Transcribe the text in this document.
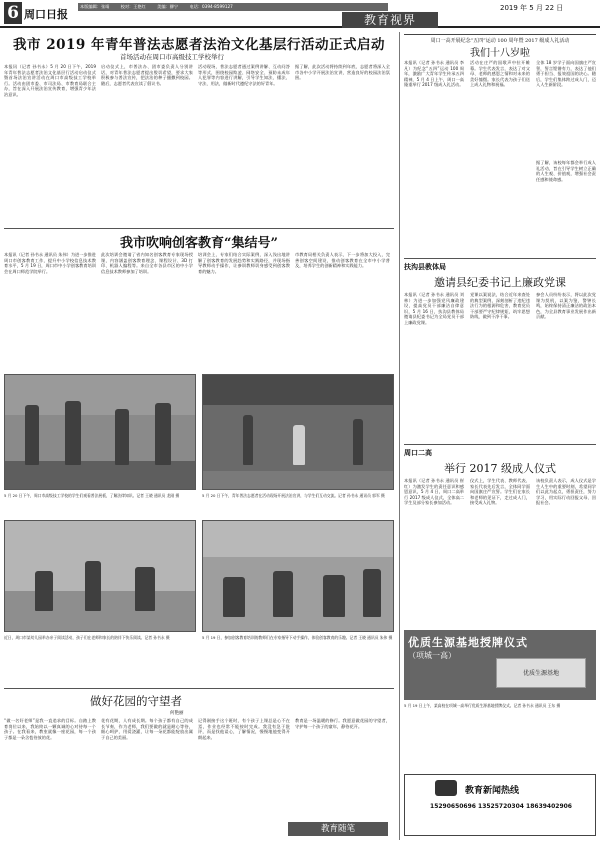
6 周口日报
本版编辑：张靖	校对：王艳红	美编：柳宁	电话：0394-8599127
教育视界
2019 年 5 月 22 日
我市 2019 年青年普法志愿者法治文化基层行活动正式启动
首场活动在周口市高级技工学校举行
本报讯（记者 孙书永）5 月 20 日下午，2019 年青年普法志愿者法治文化基层行活动启动仪式暨首场法治宣讲活动在周口市高级技工学校举行。活动由团市委、市司法局、市教育局联合主办，旨在深入开展法治宣传教育，增强青少年法治意识。
启动仪式上，市普法办、团市委负责人分别讲话，对青年普法志愿者提出殷切希望，要求大家积极参与普法宣传，把法治的种子播撒到校园。随后，志愿者代表宣读了倡议书。
活动现场，普法志愿者通过案例讲解、互动问答等形式，围绕校园欺凌、网络安全、预防未成年人犯罪等内容进行讲解，引导学生知法、懂法、守法、用法，做新时代遵纪守法的好青年。
据了解，此次活动将持续到年底，志愿者将深入全市各中小学开展法治宣讲，营造良好的校园法治氛围。
我市吹响创客教育“集结号”
本报讯（记者 孙书永 通讯员 朱伟）为进一步推进周口市创客教育工作，提升中小学校信息技术教育水平，5 月 19 日，周口市中小学创客教育培训会在周口师范学院举行。
此次培训会邀请了省内知名创客教育专家现场授课，内容涵盖创客教育理念、课程设计、3D 打印、机器人编程等。来自全市各县市区的中小学信息技术教师参加了培训。
培训会上，专家们结合实际案例，深入浅出地讲解了创客教育的发展趋势和实践路径，并现场指导教师动手操作，让参训教师切身感受到创客教育的魅力。
市教育局相关负责人表示，下一步将加大投入，完善创客空间建设，推动创客教育在全市中小学普及，培养学生的创新精神和实践能力。
5 月 20 日下午，周口市高级技工学校的学生们观看普法展板，了解法律知识。记者 王晓 通讯员 龙刚 摄	5 月 20 日下午，青年普法志愿者在活动现场开展法治宣讲，与学生们互动交流。记者 孙书永 通讯员 郭军 摄
近日，周口市某幼儿园举办亲子阅读活动，孩子们在老师和家长的陪伴下快乐阅读。记者 孙书永 摄	5 月 19 日，参加创客教育培训的教师们在专家指导下动手操作，体验创客教育的乐趣。记者 王晓 通讯员 朱伟 摄
做好花园的守望者
何艳丽
“做一名好老师”是我一直追求的目标。自踏上教育岗位以来，我始终以一颗真诚的心对待每一个孩子。在我看来，教室就像一座花园，每一个孩子都是一朵含苞待放的花。
花有花期，人有成长期。每个孩子都有自己的成长节奏，作为老师，我们要做的就是耐心等待，细心呵护，用爱浇灌，让每一朵花都能绽放出属于自己的美丽。
记得刚接手这个班时，有个孩子上课总是心不在焉，作业也经常不能按时完成。我没有急于批评，而是找他谈心，了解情况，慢慢地他变得开朗起来。
教育是一场温暖的修行。我愿意做花园的守望者，守护每一个孩子的童年，静待花开。
教育随笔
周口一高开展纪念“五四”运动 100 周年暨 2017 级成人礼活动
我们十八岁啦
本报讯（记者 孙书永 通讯员 李凡）为纪念“五四”运动 100 周年，激励广大青年学生传承五四精神，5 月 4 日上午，周口一高隆重举行 2017 级成人礼活动。
活动在庄严的国歌声中拉开帷幕。学生代表发言，表达了对父母、老师的感恩之情和对未来的美好憧憬。家长代表为孩子们送上成人礼物和祝福。
全体 18 岁学子面向国旗庄严宣誓，誓言铿锵有力，表达了他们勇于担当、报效祖国的决心。随后，学生们集体跨过成人门，迈入人生新阶段。
据了解，该校每年都会举行成人礼活动，旨在引导学生树立正确的人生观、价值观，增强社会责任感和使命感。
扶沟县教体局
邀请县纪委书记上廉政党课
本报讯（记者 孙书永 通讯员 刘林）为进一步加强党风廉政建设，提高党员干部廉洁自律意识，5 月 16 日，扶沟县教体局邀请县纪委书记为全局党员干部上廉政党课。
党课以案说法，结合近年来查处的典型案例，深刻剖析了违纪违法行为的根源和危害，教育党员干部要严守纪律规矩，筑牢思想防线，做到干净干事。
参会人员纷纷表示，将以此次党课为契机，以案为鉴，警钟长鸣，始终保持清正廉洁的政治本色，为全县教育事业发展作出新贡献。
周口二高
举行 2017 级成人仪式
本报讯（记者 孙书永 通讯员 崔红）为激发学生的责任意识和感恩意识，5 月 4 日，周口二高举行 2017 级成人仪式，全体高二学生及部分家长参加活动。
仪式上，学生代表、教师代表、家长代表先后发言，全体同学面向国旗庄严宣誓。学生们在家长和老师的见证下，走过成人门，接受成人礼物。
该校负责人表示，成人仪式是学生人生中的重要时刻，希望同学们以此为起点，勇担责任，努力学习，用实际行动回报父母、回报社会。
优质生源基地授牌仪式
（项城一高）
优质生源基地
5 月 19 日上午，某高校在项城一高举行优质生源基地授牌仪式。记者 孙书永 通讯员 王东 摄
教育新闻热线
15290650696 13525720304 18639402906
